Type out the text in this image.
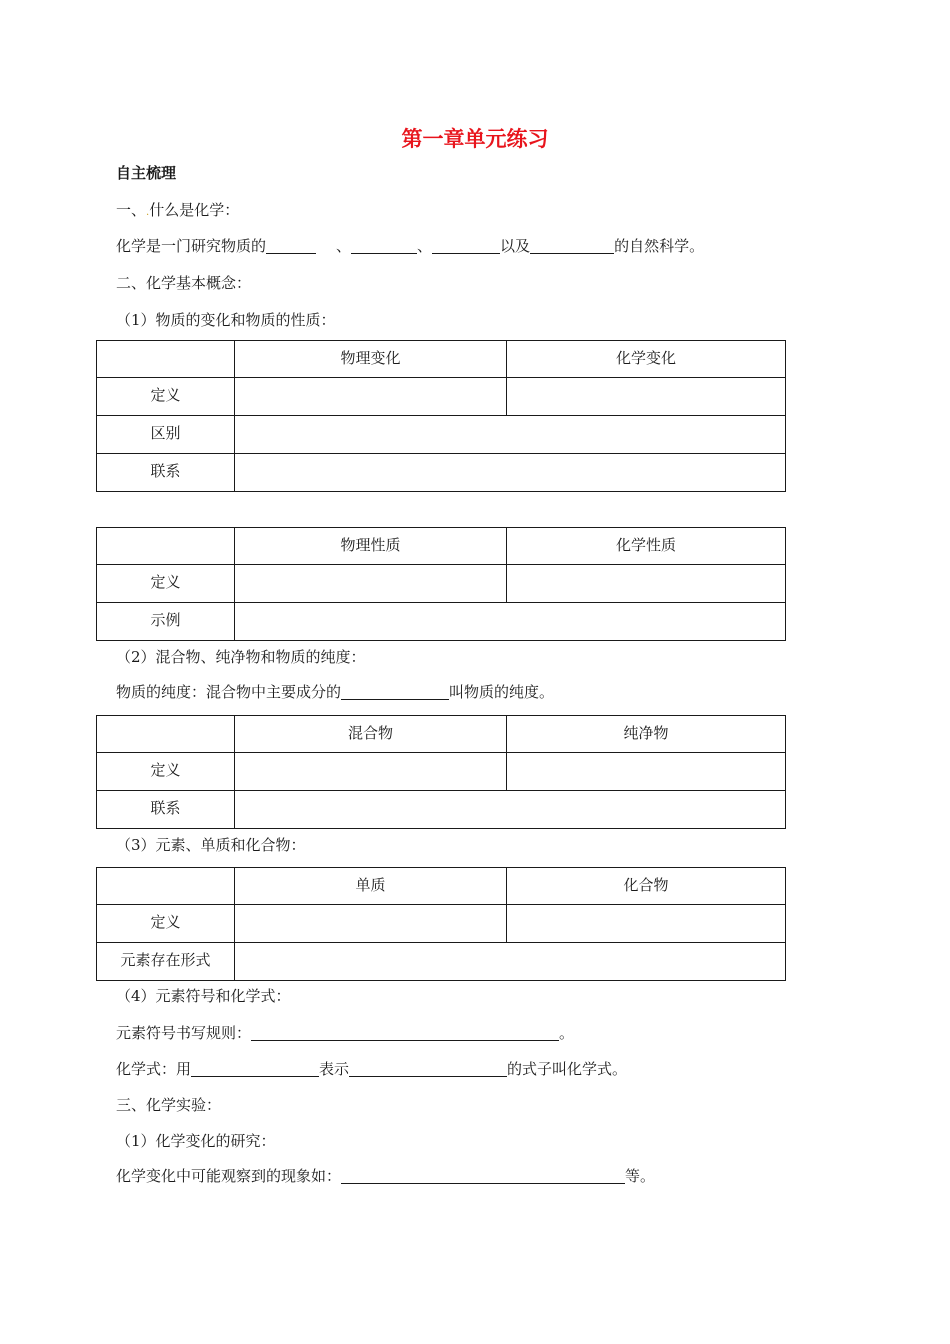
第一章单元练习
自主梳理
一、.什么是化学：
化学是一门研究物质的	、	、	以及	的自然科学。
二、化学基本概念：
（1）物质的变化和物质的性质：
	物理变化	化学变化
定义		
区别		
联系		
	物理性质	化学性质
定义		
示例		
（2）混合物、纯净物和物质的纯度：
物质的纯度：混合物中主要成分的	叫物质的纯度。
	混合物	纯净物
定义		
联系		
（3）元素、单质和化合物：
	单质	化合物
定义		
元素存在形式		
（4）元素符号和化学式：
元素符号书写规则：	。
化学式：用	表示	的式子叫化学式。
三、化学实验：
（1）化学变化的研究：
化学变化中可能观察到的现象如：	等。
